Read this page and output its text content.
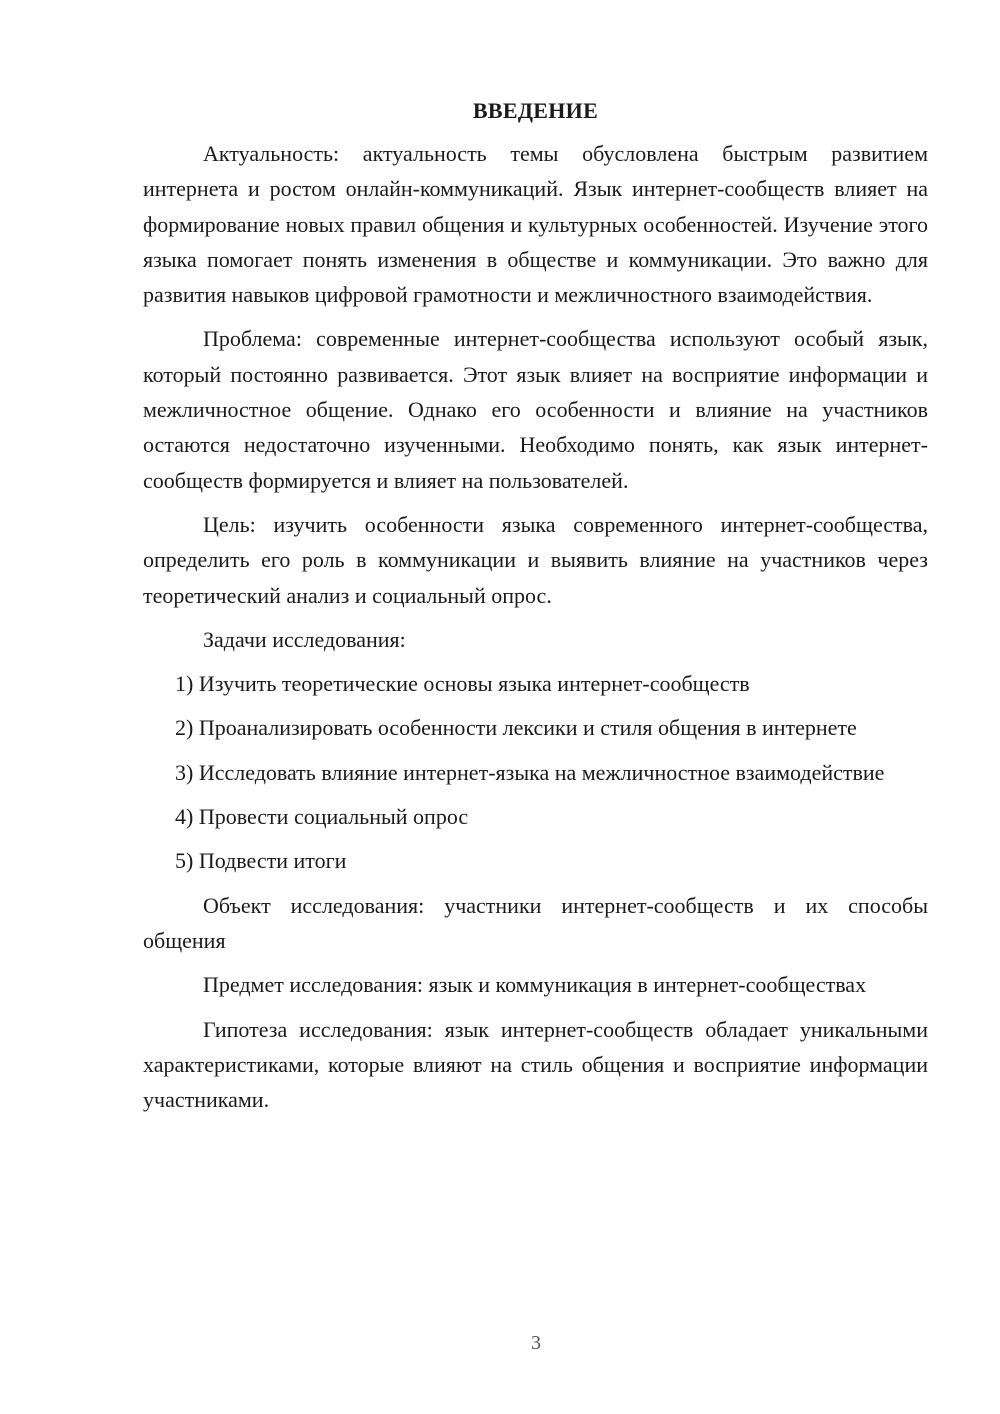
ВВЕДЕНИЕ

Актуальность: актуальность темы обусловлена быстрым развитием интернета и ростом онлайн-коммуникаций. Язык интернет-сообществ влияет на формирование новых правил общения и культурных особенностей. Изучение этого языка помогает понять изменения в обществе и коммуникации. Это важно для развития навыков цифровой грамотности и межличностного взаимодействия.

Проблема: современные интернет-сообщества используют особый язык, который постоянно развивается. Этот язык влияет на восприятие информации и межличностное общение. Однако его особенности и влияние на участников остаются недостаточно изученными. Необходимо понять, как язык интернет-сообществ формируется и влияет на пользователей.

Цель: изучить особенности языка современного интернет-сообщества, определить его роль в коммуникации и выявить влияние на участников через теоретический анализ и социальный опрос.

Задачи исследования:

1) Изучить теоретические основы языка интернет-сообществ

2) Проанализировать особенности лексики и стиля общения в интернете

3) Исследовать влияние интернет-языка на межличностное взаимодействие

4) Провести социальный опрос

5) Подвести итоги

Объект исследования: участники интернет-сообществ и их способы общения

Предмет исследования: язык и коммуникация в интернет-сообществах

Гипотеза исследования: язык интернет-сообществ обладает уникальными характеристиками, которые влияют на стиль общения и восприятие информации участниками.

3
